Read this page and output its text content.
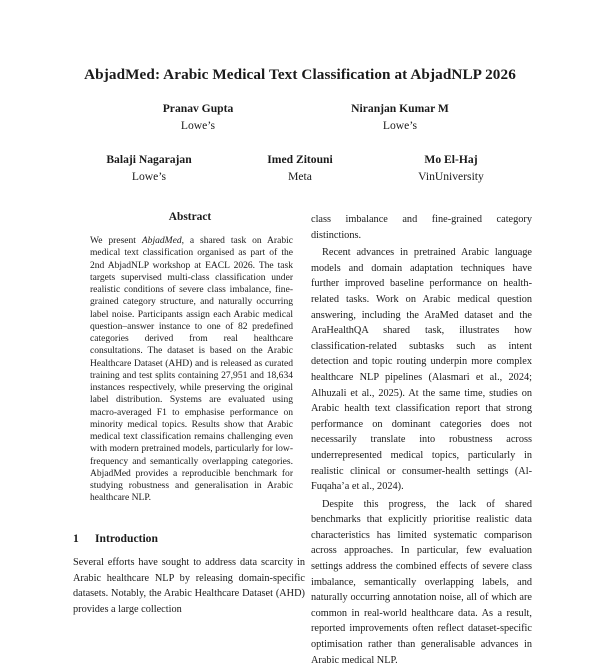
AbjadMed: Arabic Medical Text Classification at AbjadNLP 2026
Pranav Gupta
Lowe’s
Niranjan Kumar M
Lowe’s
Balaji Nagarajan
Lowe’s
Imed Zitouni
Meta
Mo El-Haj
VinUniversity
Abstract
We present AbjadMed, a shared task on Arabic medical text classification organised as part of the 2nd AbjadNLP workshop at EACL 2026. The task targets supervised multi-class classification under realistic conditions of severe class imbalance, fine-grained category structure, and naturally occurring label noise. Participants assign each Arabic medical question–answer instance to one of 82 predefined categories derived from real healthcare consultations. The dataset is based on the Arabic Healthcare Dataset (AHD) and is released as curated training and test splits containing 27,951 and 18,634 instances respectively, while preserving the original label distribution. Systems are evaluated using macro-averaged F1 to emphasise performance on minority medical topics. Results show that Arabic medical text classification remains challenging even with modern pretrained models, particularly for low-frequency and semantically overlapping categories. AbjadMed provides a reproducible benchmark for studying robustness and generalisation in Arabic healthcare NLP.
1 Introduction

Several efforts have sought to address data scarcity in Arabic healthcare NLP by releasing domain-specific datasets. Notably, the Arabic Healthcare Dataset (AHD) provides a large collection

class imbalance and fine-grained category distinctions.

Recent advances in pretrained Arabic language models and domain adaptation techniques have further improved baseline performance on health-related tasks. Work on Arabic medical question answering, including the AraMed dataset and the AraHealthQA shared task, illustrates how classification-related subtasks such as intent detection and topic routing underpin more complex healthcare NLP pipelines (Alasmari et al., 2024; Alhuzali et al., 2025). At the same time, studies on Arabic health text classification report that strong performance on dominant categories does not necessarily translate into robustness across underrepresented medical topics, particularly in realistic clinical or consumer-health settings (Al-Fuqaha’a et al., 2024).

Despite this progress, the lack of shared benchmarks that explicitly prioritise realistic data characteristics has limited systematic comparison across approaches. In particular, few evaluation settings address the combined effects of severe class imbalance, semantically overlapping labels, and naturally occurring annotation noise, all of which are common in real-world healthcare data. As a result, reported improvements often reflect dataset-specific optimisation rather than generalisable advances in Arabic medical NLP.
